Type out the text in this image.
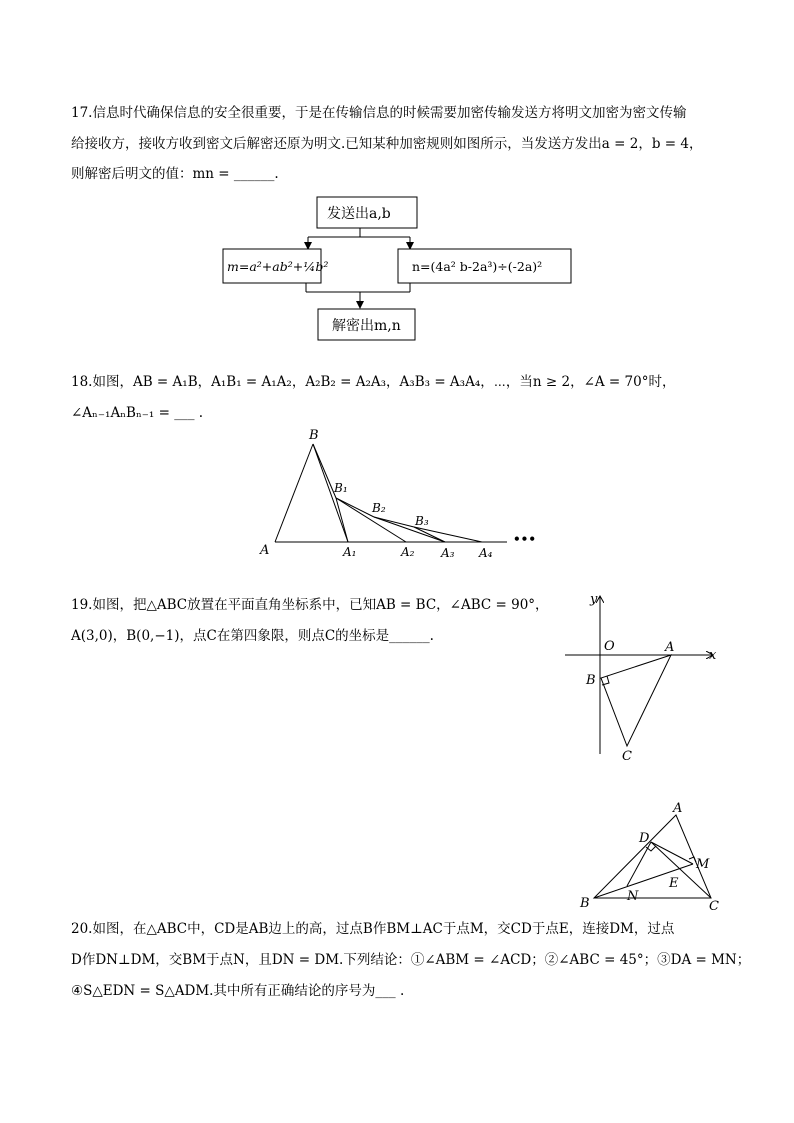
17.信息时代确保信息的安全很重要，于是在传输信息的时候需要加密传输发送方将明文加密为密文传输
给接收方，接收方收到密文后解密还原为明文.已知某种加密规则如图所示，当发送方发出a = 2，b = 4，
则解密后明文的值：mn = ______.
发送出a,b
m=a²+ab²+¼b²	n=(4a² b-2a³)÷(-2a)²
解密出m,n
18.如图，AB = A₁B，A₁B₁ = A₁A₂，A₂B₂ = A₂A₃，A₃B₃ = A₃A₄，⋯，当n ≥ 2，∠A = 70°时，
∠Aₙ₋₁AₙBₙ₋₁ = ___ .
B
B₁
B₂
B₃
A	A₁	A₂ A₃ A₄
•••
19.如图，把△ABC放置在平面直角坐标系中，已知AB = BC，∠ABC = 90°，
A(3,0)，B(0,−1)，点C在第四象限，则点C的坐标是______.
y
x
O	A
B
C
A
D
M
E
N
B	C
20.如图，在△ABC中，CD是AB边上的高，过点B作BM⊥AC于点M，交CD于点E，连接DM，过点
D作DN⊥DM，交BM于点N，且DN = DM.下列结论：①∠ABM = ∠ACD；②∠ABC = 45°；③DA = MN；
④S△EDN = S△ADM.其中所有正确结论的序号为___ .
